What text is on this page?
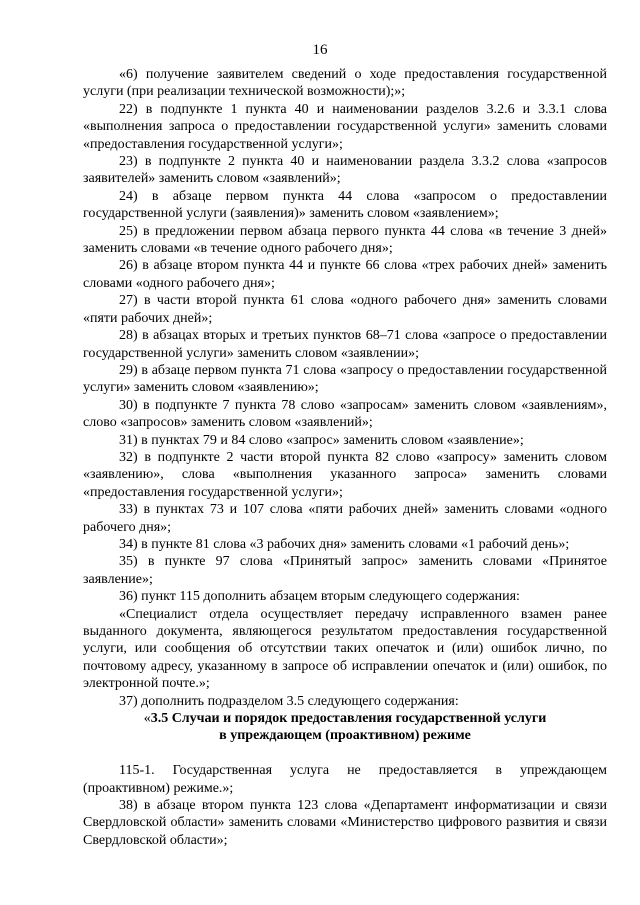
16

«6) получение заявителем сведений о ходе предоставления государственной услуги (при реализации технической возможности);»;

22) в подпункте 1 пункта 40 и наименовании разделов 3.2.6 и 3.3.1 слова «выполнения запроса о предоставлении государственной услуги» заменить словами «предоставления государственной услуги»;

23) в подпункте 2 пункта 40 и наименовании раздела 3.3.2 слова «запросов заявителей» заменить словом «заявлений»;

24) в абзаце первом пункта 44 слова «запросом о предоставлении государственной услуги (заявления)» заменить словом «заявлением»;

25) в предложении первом абзаца первого пункта 44 слова «в течение 3 дней» заменить словами «в течение одного рабочего дня»;

26) в абзаце втором пункта 44 и пункте 66 слова «трех рабочих дней» заменить словами «одного рабочего дня»;

27) в части второй пункта 61 слова «одного рабочего дня» заменить словами «пяти рабочих дней»;

28) в абзацах вторых и третьих пунктов 68–71 слова «запросе о предоставлении государственной услуги» заменить словом «заявлении»;

29) в абзаце первом пункта 71 слова «запросу о предоставлении государственной услуги» заменить словом «заявлению»;

30) в подпункте 7 пункта 78 слово «запросам» заменить словом «заявлениям», слово «запросов» заменить словом «заявлений»;

31) в пунктах 79 и 84 слово «запрос» заменить словом «заявление»;

32) в подпункте 2 части второй пункта 82 слово «запросу» заменить словом «заявлению», слова «выполнения указанного запроса» заменить словами «предоставления государственной услуги»;

33) в пунктах 73 и 107 слова «пяти рабочих дней» заменить словами «одного рабочего дня»;

34) в пункте 81 слова «3 рабочих дня» заменить словами «1 рабочий день»;

35) в пункте 97 слова «Принятый запрос» заменить словами «Принятое заявление»;

36) пункт 115 дополнить абзацем вторым следующего содержания:

«Специалист отдела осуществляет передачу исправленного взамен ранее выданного документа, являющегося результатом предоставления государственной услуги, или сообщения об отсутствии таких опечаток и (или) ошибок лично, по почтовому адресу, указанному в запросе об исправлении опечаток и (или) ошибок, по электронной почте.»;

37) дополнить подразделом 3.5 следующего содержания:

«3.5 Случаи и порядок предоставления государственной услуги

в упреждающем (проактивном) режиме

115-1. Государственная услуга не предоставляется в упреждающем (проактивном) режиме.»;

38) в абзаце втором пункта 123 слова «Департамент информатизации и связи Свердловской области» заменить словами «Министерство цифрового развития и связи Свердловской области»;
